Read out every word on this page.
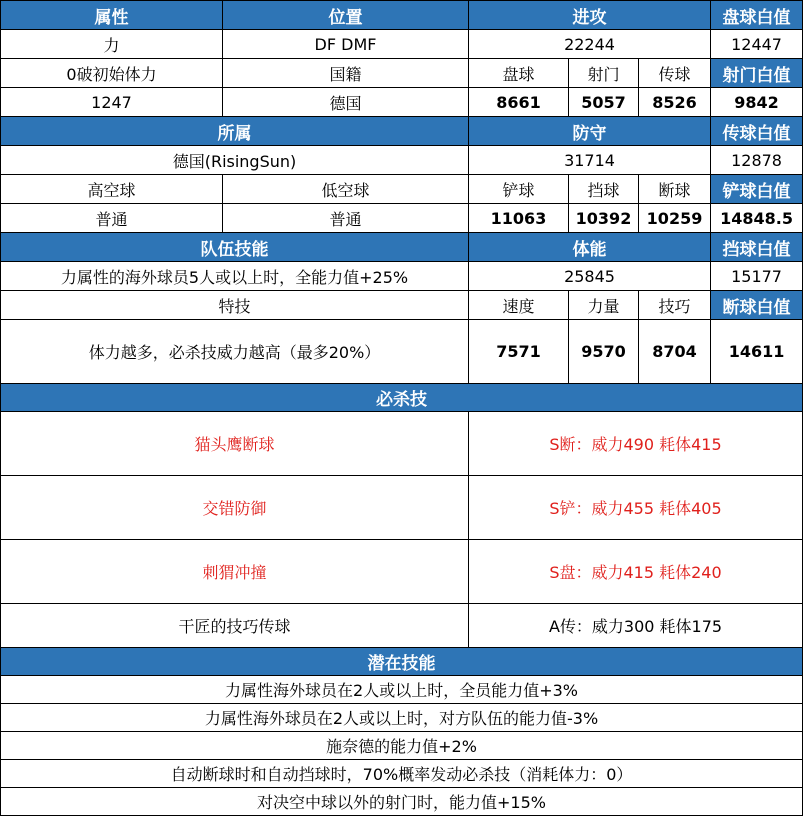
属性	位置	进攻			盘球白值
力	DF DMF	22244			12447
0破初始体力	国籍	盘球	射门	传球	射门白值
1247	德国	8661	5057	8526	9842
所属		防守			传球白值
德国(RisingSun)		31714			12878
高空球	低空球	铲球	挡球	断球	铲球白值
普通	普通	11063	10392	10259	14848.5
队伍技能		体能			挡球白值
力属性的海外球员5人或以上时，全能力值+25%		25845			15177
特技		速度	力量	技巧	断球白值
体力越多，必杀技威力越高（最多20%）		7571	9570	8704	14611
必杀技					
猫头鹰断球		S断：威力490 耗体415			
交错防御		S铲：威力455 耗体405			
刺猬冲撞		S盘：威力415 耗体240			
干匠的技巧传球		A传：威力300 耗体175			
潜在技能					
力属性海外球员在2人或以上时，全员能力值+3%					
力属性海外球员在2人或以上时，对方队伍的能力值-3%					
施奈德的能力值+2%					
自动断球时和自动挡球时，70%概率发动必杀技（消耗体力：0）					
对决空中球以外的射门时，能力值+15%					
